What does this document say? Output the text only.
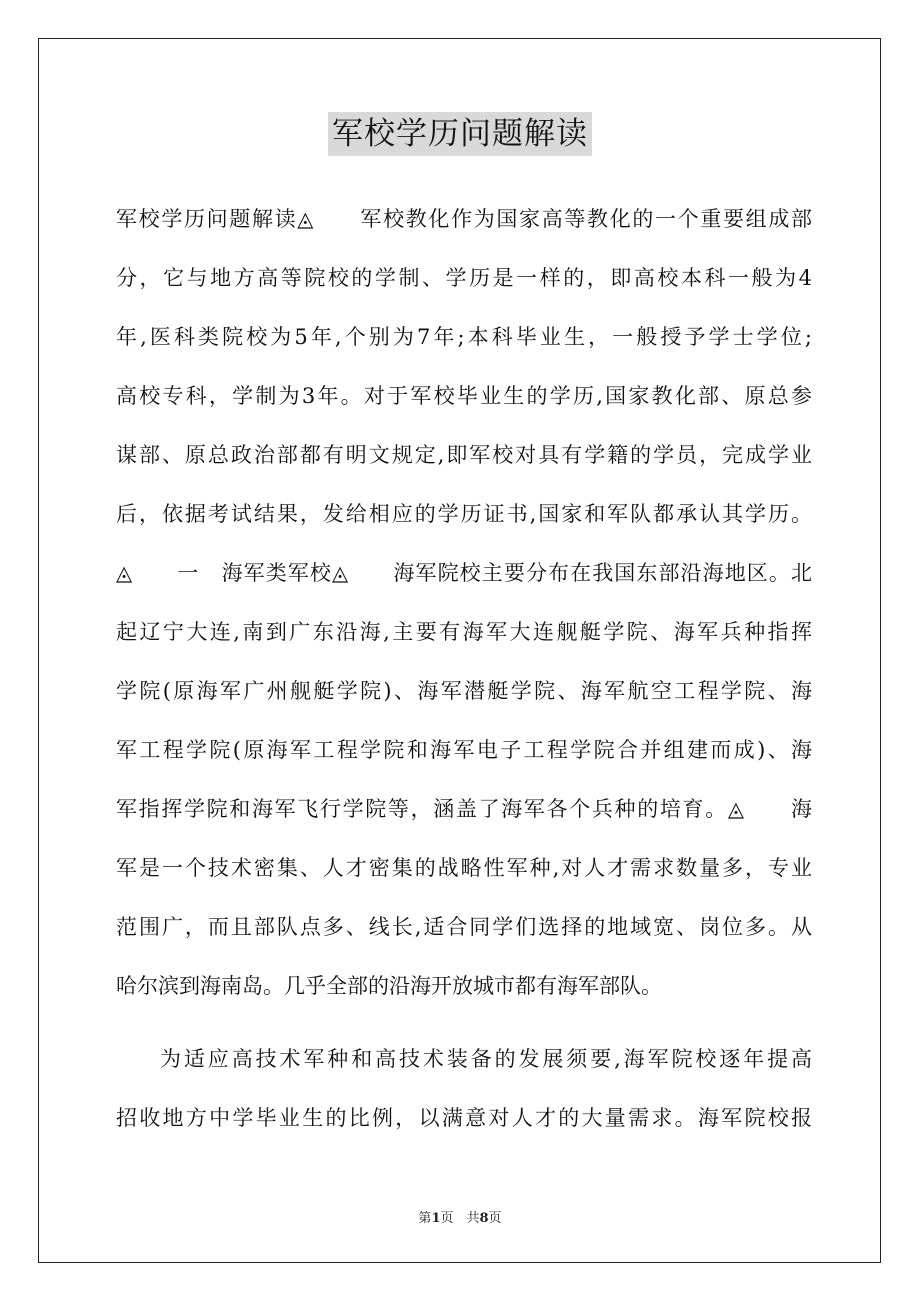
军校学历问题解读
军校学历问题解读◬　　军校教化作为国家高等教化的一个重要组成部
分，它与地方高等院校的学制、学历是一样的，即高校本科一般为4
年,医科类院校为5年,个别为7年;本科毕业生，一般授予学士学位;
高校专科，学制为3年。对于军校毕业生的学历,国家教化部、原总参
谋部、原总政治部都有明文规定,即军校对具有学籍的学员，完成学业
后，依据考试结果，发给相应的学历证书,国家和军队都承认其学历。
◬　　一　海军类军校◬　　海军院校主要分布在我国东部沿海地区。北
起辽宁大连,南到广东沿海,主要有海军大连舰艇学院、海军兵种指挥
学院(原海军广州舰艇学院)、海军潜艇学院、海军航空工程学院、海
军工程学院(原海军工程学院和海军电子工程学院合并组建而成)、海
军指挥学院和海军飞行学院等，涵盖了海军各个兵种的培育。◬　　海
军是一个技术密集、人才密集的战略性军种,对人才需求数量多，专业
范围广，而且部队点多、线长,适合同学们选择的地域宽、岗位多。从
哈尔滨到海南岛。几乎全部的沿海开放城市都有海军部队。
为适应高技术军种和高技术装备的发展须要,海军院校逐年提高
招收地方中学毕业生的比例，以满意对人才的大量需求。海军院校报
第1页　共8页
